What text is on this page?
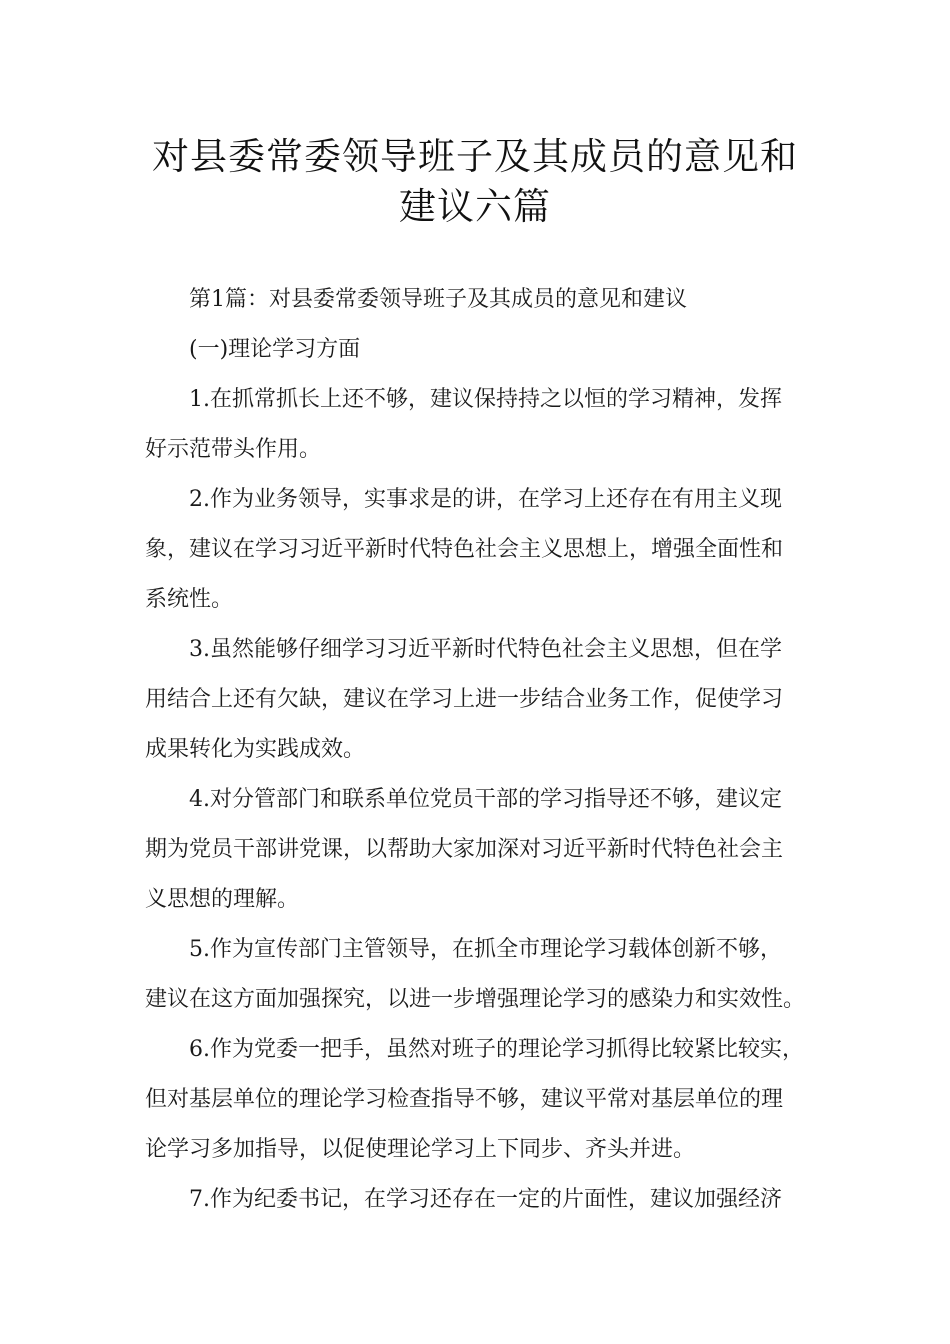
对县委常委领导班子及其成员的意见和
建议六篇
第1篇：对县委常委领导班子及其成员的意见和建议
(一)理论学习方面
1.在抓常抓长上还不够，建议保持持之以恒的学习精神，发挥
好示范带头作用。
2.作为业务领导，实事求是的讲，在学习上还存在有用主义现
象，建议在学习习近平新时代特色社会主义思想上，增强全面性和
系统性。
3.虽然能够仔细学习习近平新时代特色社会主义思想，但在学
用结合上还有欠缺，建议在学习上进一步结合业务工作，促使学习
成果转化为实践成效。
4.对分管部门和联系单位党员干部的学习指导还不够，建议定
期为党员干部讲党课，以帮助大家加深对习近平新时代特色社会主
义思想的理解。
5.作为宣传部门主管领导，在抓全市理论学习载体创新不够，
建议在这方面加强探究，以进一步增强理论学习的感染力和实效性。
6.作为党委一把手，虽然对班子的理论学习抓得比较紧比较实，
但对基层单位的理论学习检查指导不够，建议平常对基层单位的理
论学习多加指导，以促使理论学习上下同步、齐头并进。
7.作为纪委书记，在学习还存在一定的片面性，建议加强经济
